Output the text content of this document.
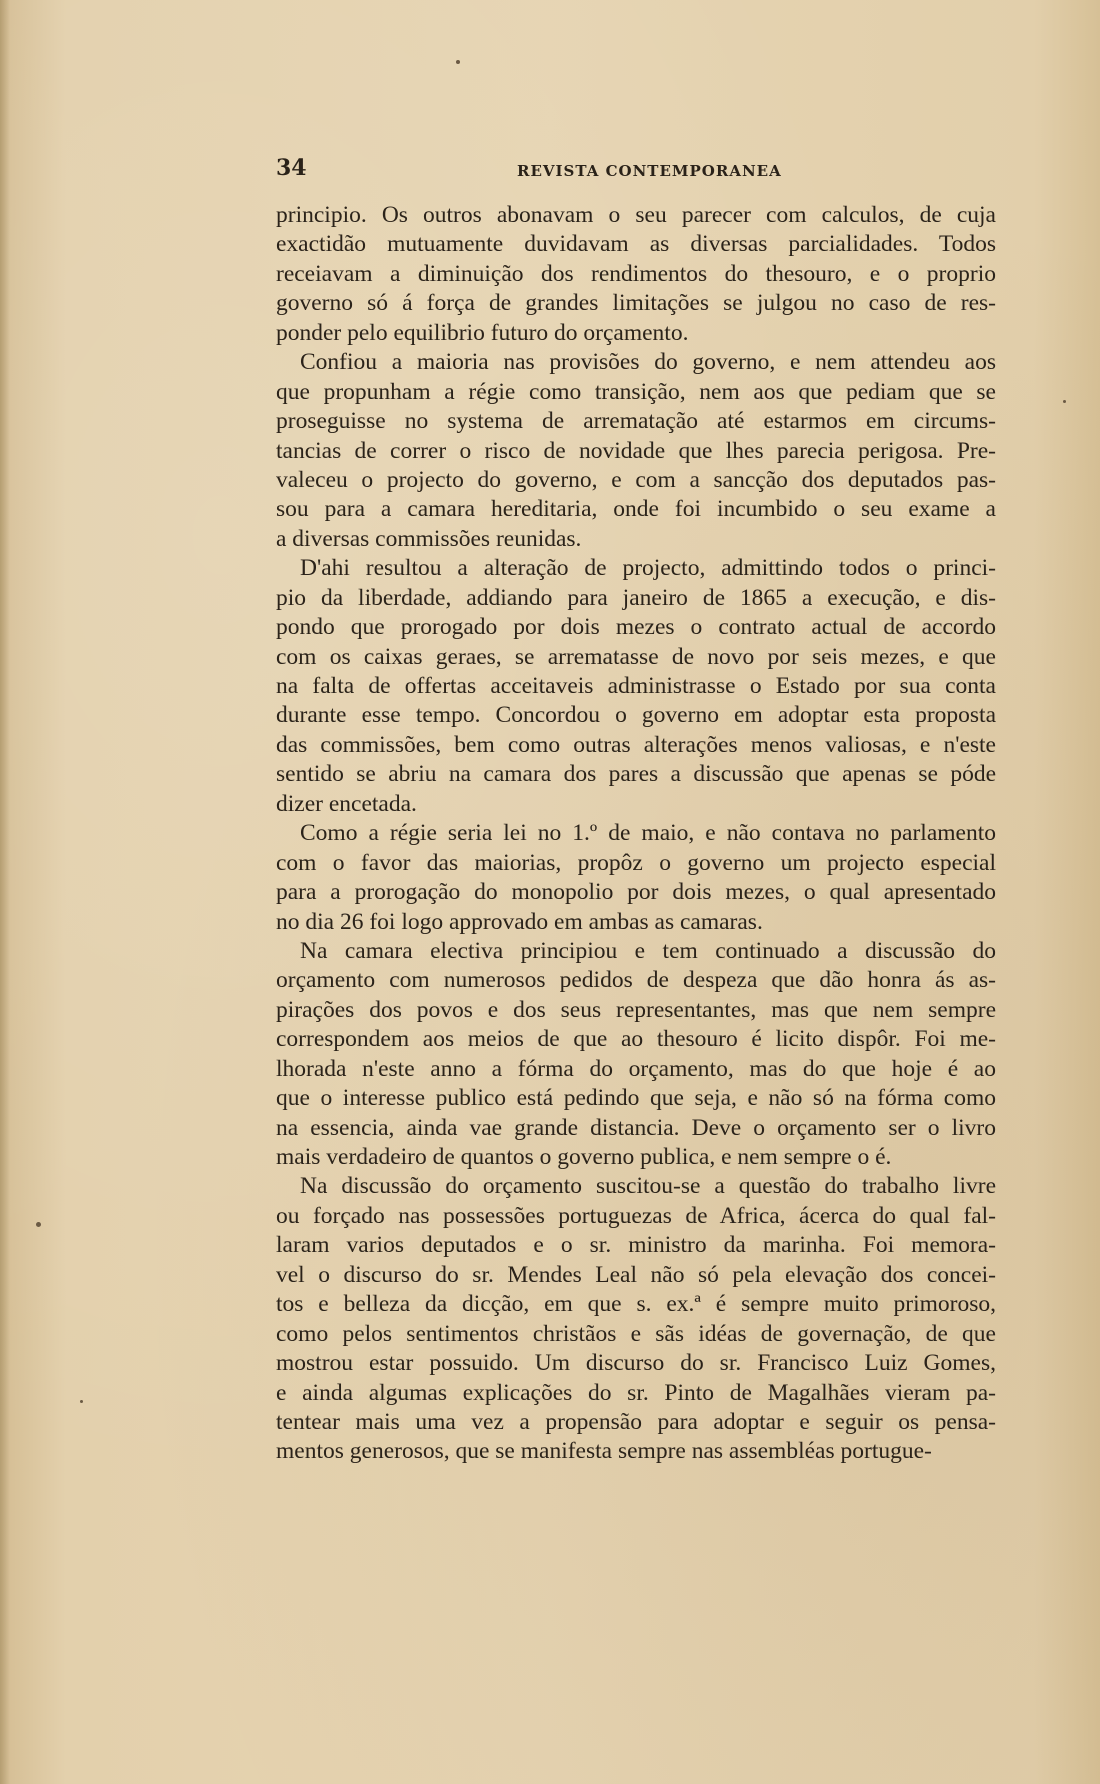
34	REVISTA CONTEMPORANEA
principio. Os outros abonavam o seu parecer com calculos, de cuja
exactidão mutuamente duvidavam as diversas parcialidades. Todos
receiavam a diminuição dos rendimentos do thesouro, e o proprio
governo só á força de grandes limitações se julgou no caso de res-
ponder pelo equilibrio futuro do orçamento.
Confiou a maioria nas provisões do governo, e nem attendeu aos
que propunham a régie como transição, nem aos que pediam que se
proseguisse no systema de arrematação até estarmos em circums-
tancias de correr o risco de novidade que lhes parecia perigosa. Pre-
valeceu o projecto do governo, e com a sancção dos deputados pas-
sou para a camara hereditaria, onde foi incumbido o seu exame a
a diversas commissões reunidas.
D'ahi resultou a alteração de projecto, admittindo todos o princi-
pio da liberdade, addiando para janeiro de 1865 a execução, e dis-
pondo que prorogado por dois mezes o contrato actual de accordo
com os caixas geraes, se arrematasse de novo por seis mezes, e que
na falta de offertas acceitaveis administrasse o Estado por sua conta
durante esse tempo. Concordou o governo em adoptar esta proposta
das commissões, bem como outras alterações menos valiosas, e n'este
sentido se abriu na camara dos pares a discussão que apenas se póde
dizer encetada.
Como a régie seria lei no 1.º de maio, e não contava no parlamento
com o favor das maiorias, propôz o governo um projecto especial
para a prorogação do monopolio por dois mezes, o qual apresentado
no dia 26 foi logo approvado em ambas as camaras.
Na camara electiva principiou e tem continuado a discussão do
orçamento com numerosos pedidos de despeza que dão honra ás as-
pirações dos povos e dos seus representantes, mas que nem sempre
correspondem aos meios de que ao thesouro é licito dispôr. Foi me-
lhorada n'este anno a fórma do orçamento, mas do que hoje é ao
que o interesse publico está pedindo que seja, e não só na fórma como
na essencia, ainda vae grande distancia. Deve o orçamento ser o livro
mais verdadeiro de quantos o governo publica, e nem sempre o é.
Na discussão do orçamento suscitou-se a questão do trabalho livre
ou forçado nas possessões portuguezas de Africa, ácerca do qual fal-
laram varios deputados e o sr. ministro da marinha. Foi memora-
vel o discurso do sr. Mendes Leal não só pela elevação dos concei-
tos e belleza da dicção, em que s. ex.ª é sempre muito primoroso,
como pelos sentimentos christãos e sãs idéas de governação, de que
mostrou estar possuido. Um discurso do sr. Francisco Luiz Gomes,
e ainda algumas explicações do sr. Pinto de Magalhães vieram pa-
tentear mais uma vez a propensão para adoptar e seguir os pensa-
mentos generosos, que se manifesta sempre nas assembléas portugue-
